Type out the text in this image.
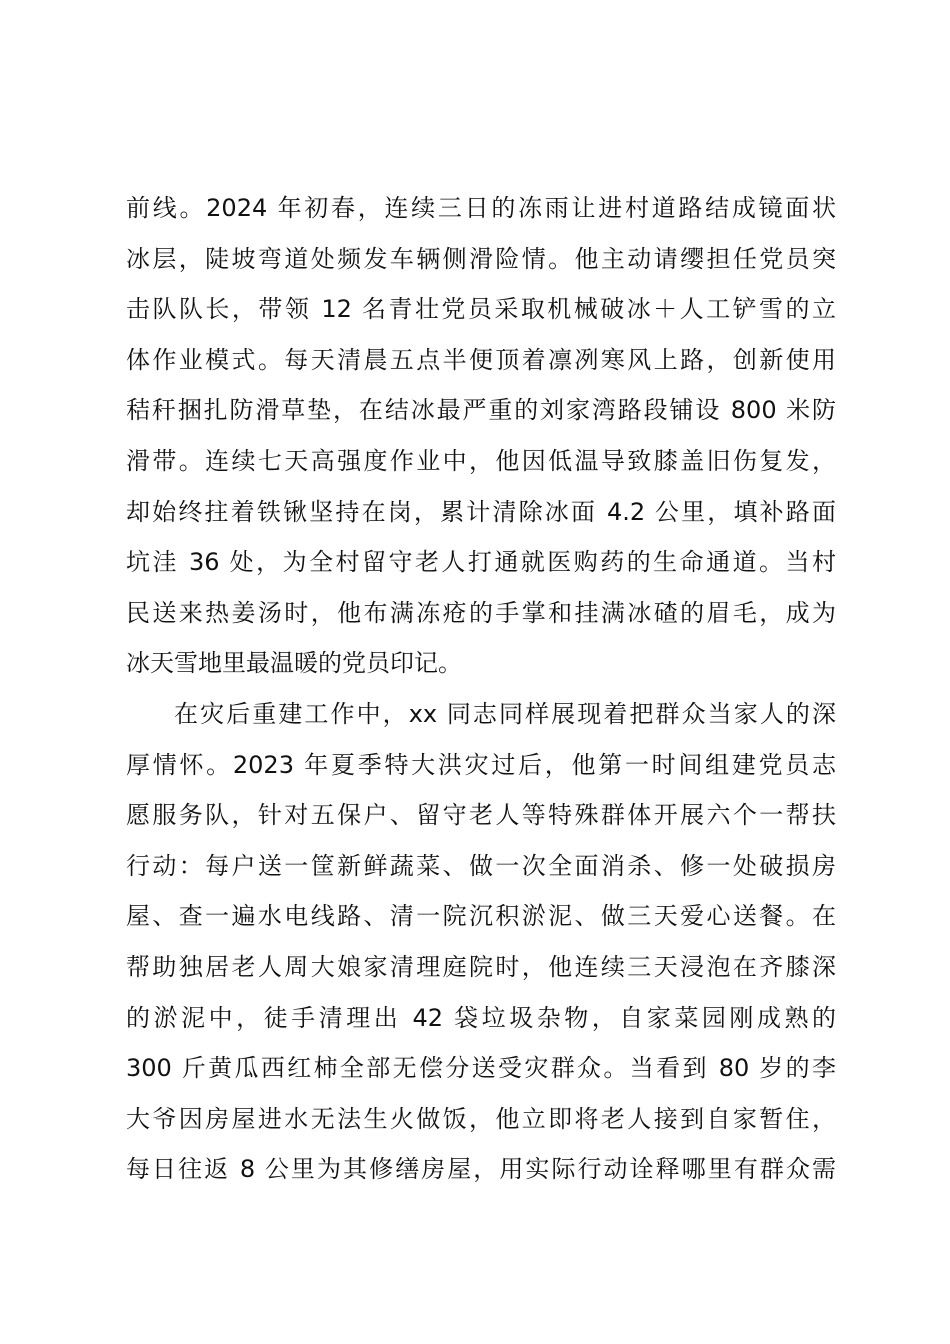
前线。2024 年初春，连续三日的冻雨让进村道路结成镜面状
冰层，陡坡弯道处频发车辆侧滑险情。他主动请缨担任党员突
击队队长，带领 12 名青壮党员采取机械破冰＋人工铲雪的立
体作业模式。每天清晨五点半便顶着凛冽寒风上路，创新使用
秸秆捆扎防滑草垫，在结冰最严重的刘家湾路段铺设 800 米防
滑带。连续七天高强度作业中，他因低温导致膝盖旧伤复发，
却始终拄着铁锹坚持在岗，累计清除冰面 4.2 公里，填补路面
坑洼 36 处，为全村留守老人打通就医购药的生命通道。当村
民送来热姜汤时，他布满冻疮的手掌和挂满冰碴的眉毛，成为
冰天雪地里最温暖的党员印记。
在灾后重建工作中，xx 同志同样展现着把群众当家人的深
厚情怀。2023 年夏季特大洪灾过后，他第一时间组建党员志
愿服务队，针对五保户、留守老人等特殊群体开展六个一帮扶
行动：每户送一筐新鲜蔬菜、做一次全面消杀、修一处破损房
屋、查一遍水电线路、清一院沉积淤泥、做三天爱心送餐。在
帮助独居老人周大娘家清理庭院时，他连续三天浸泡在齐膝深
的淤泥中，徒手清理出 42 袋垃圾杂物，自家菜园刚成熟的
300 斤黄瓜西红柿全部无偿分送受灾群众。当看到 80 岁的李
大爷因房屋进水无法生火做饭，他立即将老人接到自家暂住，
每日往返 8 公里为其修缮房屋，用实际行动诠释哪里有群众需
